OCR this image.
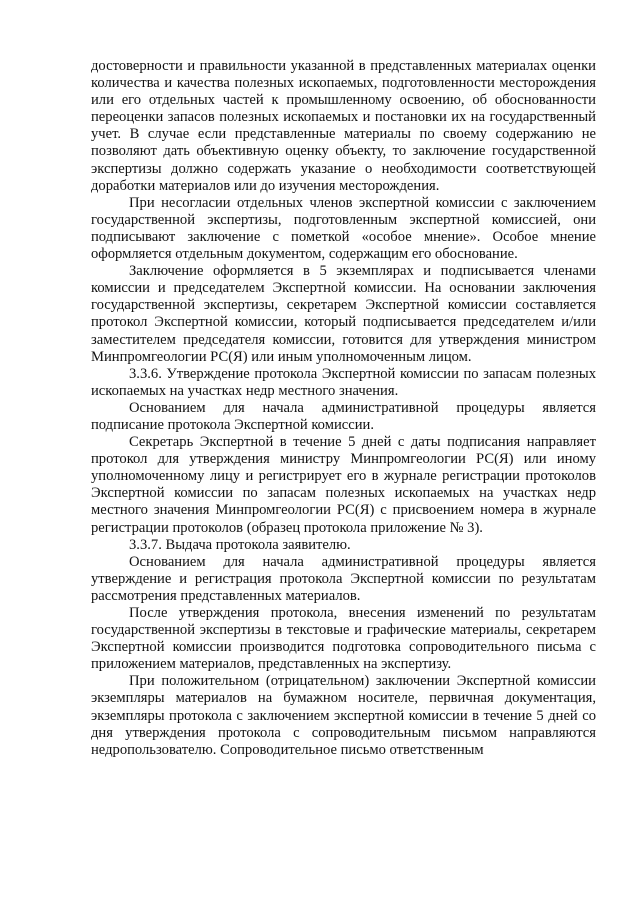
достоверности и правильности указанной в представленных материалах оценки количества и качества полезных ископаемых, подготовленности месторождения или его отдельных частей к промышленному освоению, об обоснованности переоценки запасов полезных ископаемых и постановки их на государственный учет. В случае если представленные материалы по своему содержанию не позволяют дать объективную оценку объекту, то заключение государственной экспертизы должно содержать указание о необходимости соответствующей доработки материалов или до изучения месторождения.

При несогласии отдельных членов экспертной комиссии с заключением государственной экспертизы, подготовленным экспертной комиссией, они подписывают заключение с пометкой «особое мнение». Особое мнение оформляется отдельным документом, содержащим его обоснование.

Заключение оформляется в 5 экземплярах и подписывается членами комиссии и председателем Экспертной комиссии. На основании заключения государственной экспертизы, секретарем Экспертной комиссии составляется протокол Экспертной комиссии, который подписывается председателем и/или заместителем председателя комиссии, готовится для утверждения министром Минпромгеологии РС(Я) или иным уполномоченным лицом.

3.3.6. Утверждение протокола Экспертной комиссии по запасам полезных ископаемых на участках недр местного значения.

Основанием для начала административной процедуры является подписание протокола Экспертной комиссии.

Секретарь Экспертной в течение 5 дней с даты подписания направляет протокол для утверждения министру Минпромгеологии РС(Я) или иному уполномоченному лицу и регистрирует его в журнале регистрации протоколов Экспертной комиссии по запасам полезных ископаемых на участках недр местного значения Минпромгеологии РС(Я) с присвоением номера в журнале регистрации протоколов (образец протокола приложение № 3).

3.3.7. Выдача протокола заявителю.

Основанием для начала административной процедуры является утверждение и регистрация протокола Экспертной комиссии по результатам рассмотрения представленных материалов.

После утверждения протокола, внесения изменений по результатам государственной экспертизы в текстовые и графические материалы, секретарем Экспертной комиссии производится подготовка сопроводительного письма с приложением материалов, представленных на экспертизу.

При положительном (отрицательном) заключении Экспертной комиссии экземпляры материалов на бумажном носителе, первичная документация, экземпляры протокола с заключением экспертной комиссии в течение 5 дней со дня утверждения протокола с сопроводительным письмом направляются недропользователю. Сопроводительное письмо ответственным
